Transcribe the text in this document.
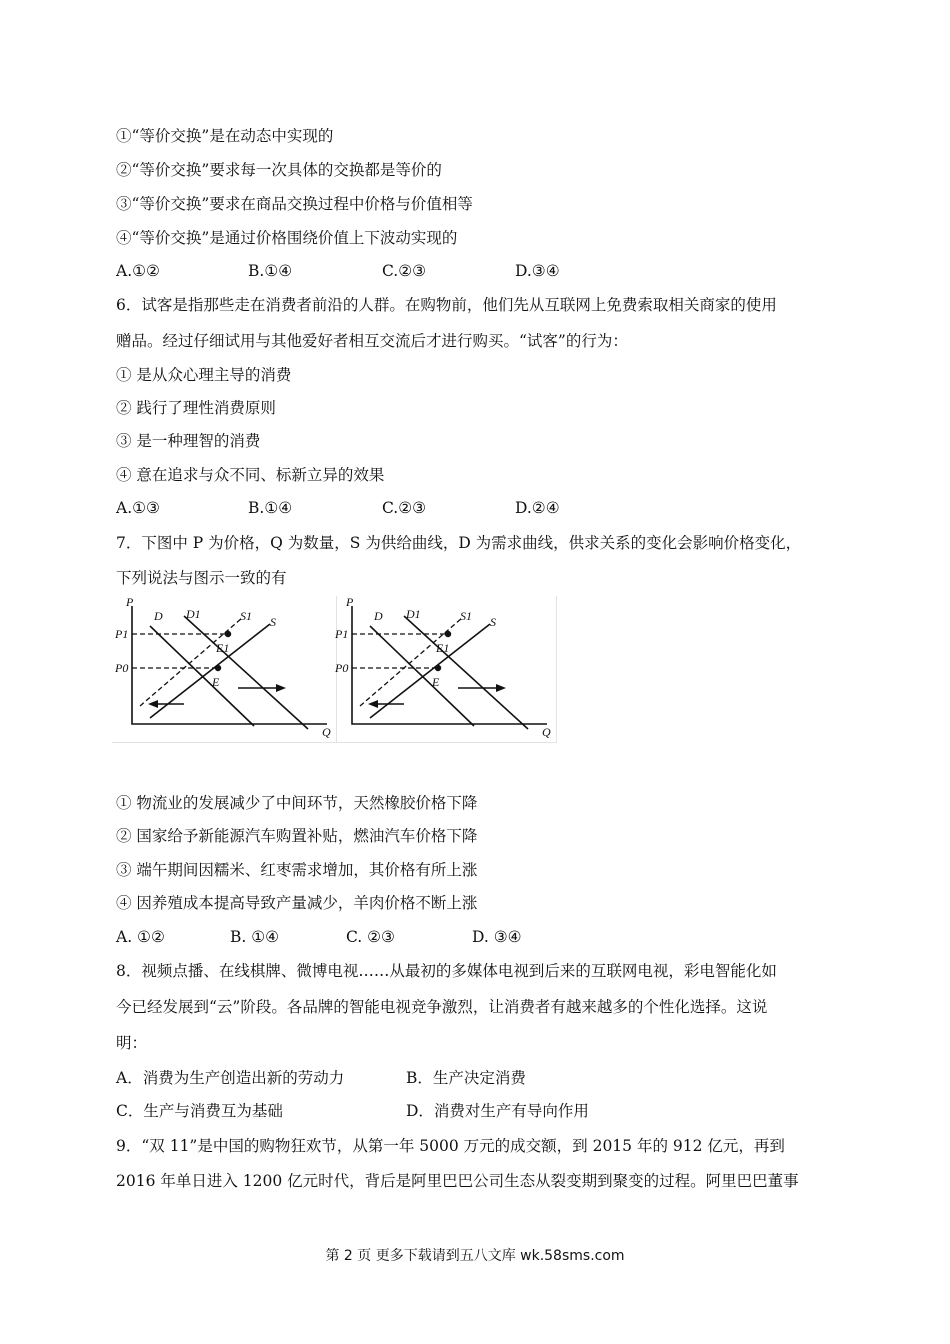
①“等价交换”是在动态中实现的
②“等价交换”要求每一次具体的交换都是等价的
③“等价交换”要求在商品交换过程中价格与价值相等
④“等价交换”是通过价格围绕价值上下波动实现的
A.①②	B.①④	C.②③	D.③④
6．试客是指那些走在消费者前沿的人群。在购物前，他们先从互联网上免费索取相关商家的使用
赠品。经过仔细试用与其他爱好者相互交流后才进行购买。“试客”的行为：
① 是从众心理主导的消费
② 践行了理性消费原则
③ 是一种理智的消费
④ 意在追求与众不同、标新立异的效果
A.①③	B.①④	C.②③	D.②④
7．下图中 P 为价格，Q 为数量，S 为供给曲线，D 为需求曲线，供求关系的变化会影响价格变化，
下列说法与图示一致的有
P
Q
P1
P0
D D1	S1 S
E1
E
P
Q
P1
P0
D D1	S1 S
E1
E
① 物流业的发展减少了中间环节，天然橡胶价格下降
② 国家给予新能源汽车购置补贴，燃油汽车价格下降
③ 端午期间因糯米、红枣需求增加，其价格有所上涨
④ 因养殖成本提高导致产量减少，羊肉价格不断上涨
A. ①②	B. ①④	C. ②③	D. ③④
8．视频点播、在线棋牌、微博电视……从最初的多媒体电视到后来的互联网电视，彩电智能化如
今已经发展到“云”阶段。各品牌的智能电视竞争激烈，让消费者有越来越多的个性化选择。这说
明：
A．消费为生产创造出新的劳动力	B．生产决定消费
C．生产与消费互为基础	D．消费对生产有导向作用
9．“双 11”是中国的购物狂欢节，从第一年 5000 万元的成交额，到 2015 年的 912 亿元，再到
2016 年单日进入 1200 亿元时代，背后是阿里巴巴公司生态从裂变期到聚变的过程。阿里巴巴董事
第 2 页 更多下载请到五八文库 wk.58sms.com
